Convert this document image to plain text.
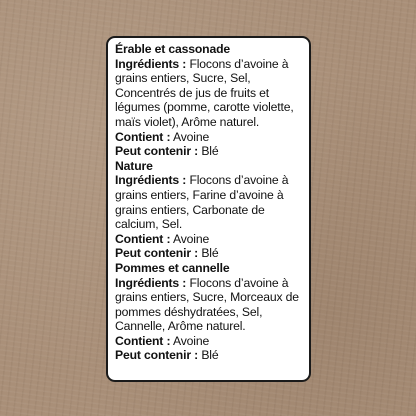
Érable et cassonade
Ingrédients : Flocons d’avoine à grains entiers, Sucre, Sel, Concentrés de jus de fruits et légumes (pomme, carotte violette, maïs violet), Arôme naturel.
Contient : Avoine
Peut contenir : Blé
Nature
Ingrédients : Flocons d’avoine à grains entiers, Farine d’avoine à grains entiers, Carbonate de calcium, Sel.
Contient : Avoine
Peut contenir : Blé
Pommes et cannelle
Ingrédients : Flocons d’avoine à grains entiers, Sucre, Morceaux de pommes déshydratées, Sel, Cannelle, Arôme naturel.
Contient : Avoine
Peut contenir : Blé
